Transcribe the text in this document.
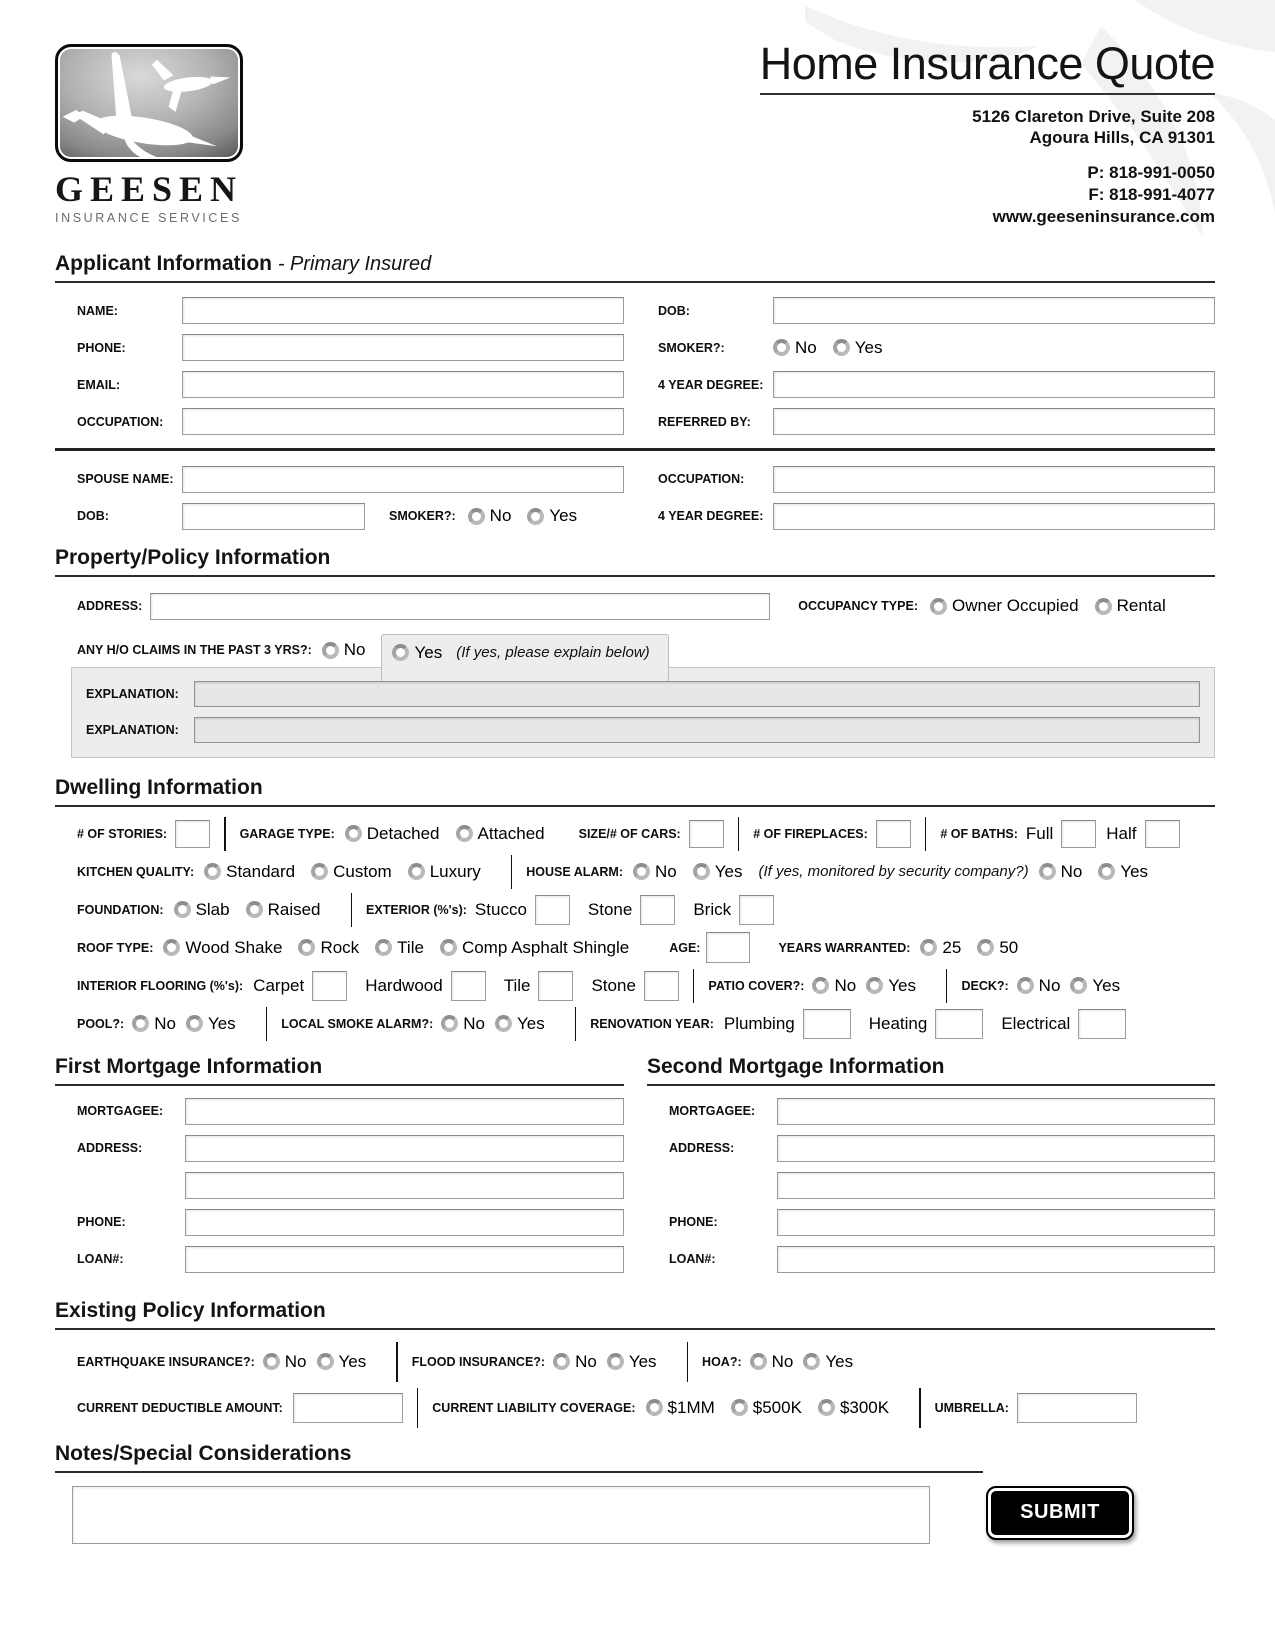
GEESEN
INSURANCE SERVICES
Home Insurance Quote
5126 Clareton Drive, Suite 208
Agoura Hills, CA 91301
P: 818-991-0050
F: 818-991-4077
www.geeseninsurance.com
Applicant Information - Primary Insured
NAME:	DOB:
PHONE:	SMOKER?:	No Yes
EMAIL:	4 YEAR DEGREE:
OCCUPATION:	REFERRED BY:
SPOUSE NAME:	OCCUPATION:
DOB:	SMOKER?: No Yes	4 YEAR DEGREE:
Property/Policy Information
ADDRESS:	OCCUPANCY TYPE: Owner Occupied Rental
ANY H/O CLAIMS IN THE PAST 3 YRS?: No	Yes (If yes, please explain below)
EXPLANATION:
EXPLANATION:
Dwelling Information
# OF STORIES:	GARAGE TYPE: Detached Attached	SIZE/# OF CARS:	# OF FIREPLACES:	# OF BATHS: Full	Half
KITCHEN QUALITY: Standard Custom Luxury	HOUSE ALARM: No Yes (If yes, monitored by security company?) No Yes
FOUNDATION: Slab Raised	EXTERIOR (%'s): Stucco	Stone	Brick
ROOF TYPE: Wood Shake Rock Tile Comp Asphalt Shingle	AGE:	YEARS WARRANTED: 25 50
INTERIOR FLOORING (%'s): Carpet	Hardwood	Tile	Stone	PATIO COVER?: No Yes	DECK?: No Yes
POOL?: No Yes	LOCAL SMOKE ALARM?: No Yes	RENOVATION YEAR: Plumbing	Heating	Electrical
First Mortgage Information
MORTGAGEE:
ADDRESS:
PHONE:
LOAN#:
Second Mortgage Information
MORTGAGEE:
ADDRESS:
PHONE:
LOAN#:
Existing Policy Information
EARTHQUAKE INSURANCE?: No Yes	FLOOD INSURANCE?: No Yes	HOA?: No Yes
CURRENT DEDUCTIBLE AMOUNT:	CURRENT LIABILITY COVERAGE: $1MM $500K $300K	UMBRELLA:
Notes/Special Considerations
SUBMIT
